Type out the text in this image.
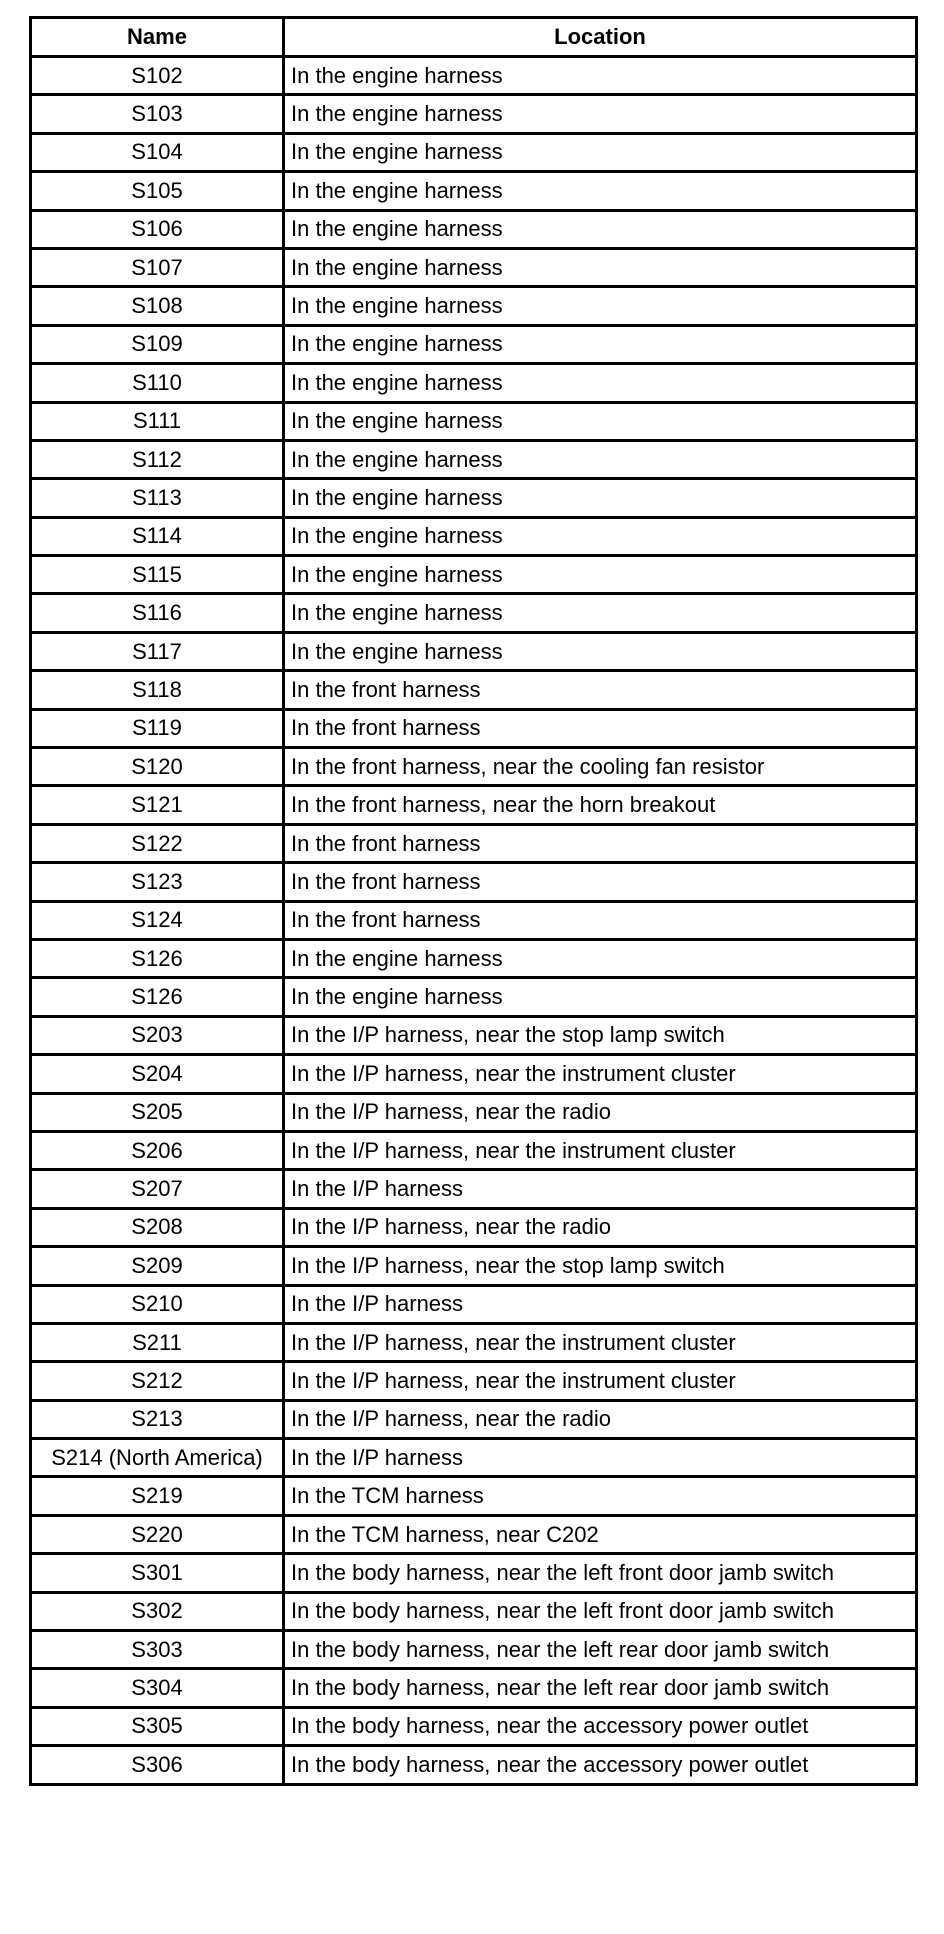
Name	Location
S102	In the engine harness
S103	In the engine harness
S104	In the engine harness
S105	In the engine harness
S106	In the engine harness
S107	In the engine harness
S108	In the engine harness
S109	In the engine harness
S110	In the engine harness
S111	In the engine harness
S112	In the engine harness
S113	In the engine harness
S114	In the engine harness
S115	In the engine harness
S116	In the engine harness
S117	In the engine harness
S118	In the front harness
S119	In the front harness
S120	In the front harness, near the cooling fan resistor
S121	In the front harness, near the horn breakout
S122	In the front harness
S123	In the front harness
S124	In the front harness
S126	In the engine harness
S126	In the engine harness
S203	In the I/P harness, near the stop lamp switch
S204	In the I/P harness, near the instrument cluster
S205	In the I/P harness, near the radio
S206	In the I/P harness, near the instrument cluster
S207	In the I/P harness
S208	In the I/P harness, near the radio
S209	In the I/P harness, near the stop lamp switch
S210	In the I/P harness
S211	In the I/P harness, near the instrument cluster
S212	In the I/P harness, near the instrument cluster
S213	In the I/P harness, near the radio
S214 (North America)	In the I/P harness
S219	In the TCM harness
S220	In the TCM harness, near C202
S301	In the body harness, near the left front door jamb switch
S302	In the body harness, near the left front door jamb switch
S303	In the body harness, near the left rear door jamb switch
S304	In the body harness, near the left rear door jamb switch
S305	In the body harness, near the accessory power outlet
S306	In the body harness, near the accessory power outlet
